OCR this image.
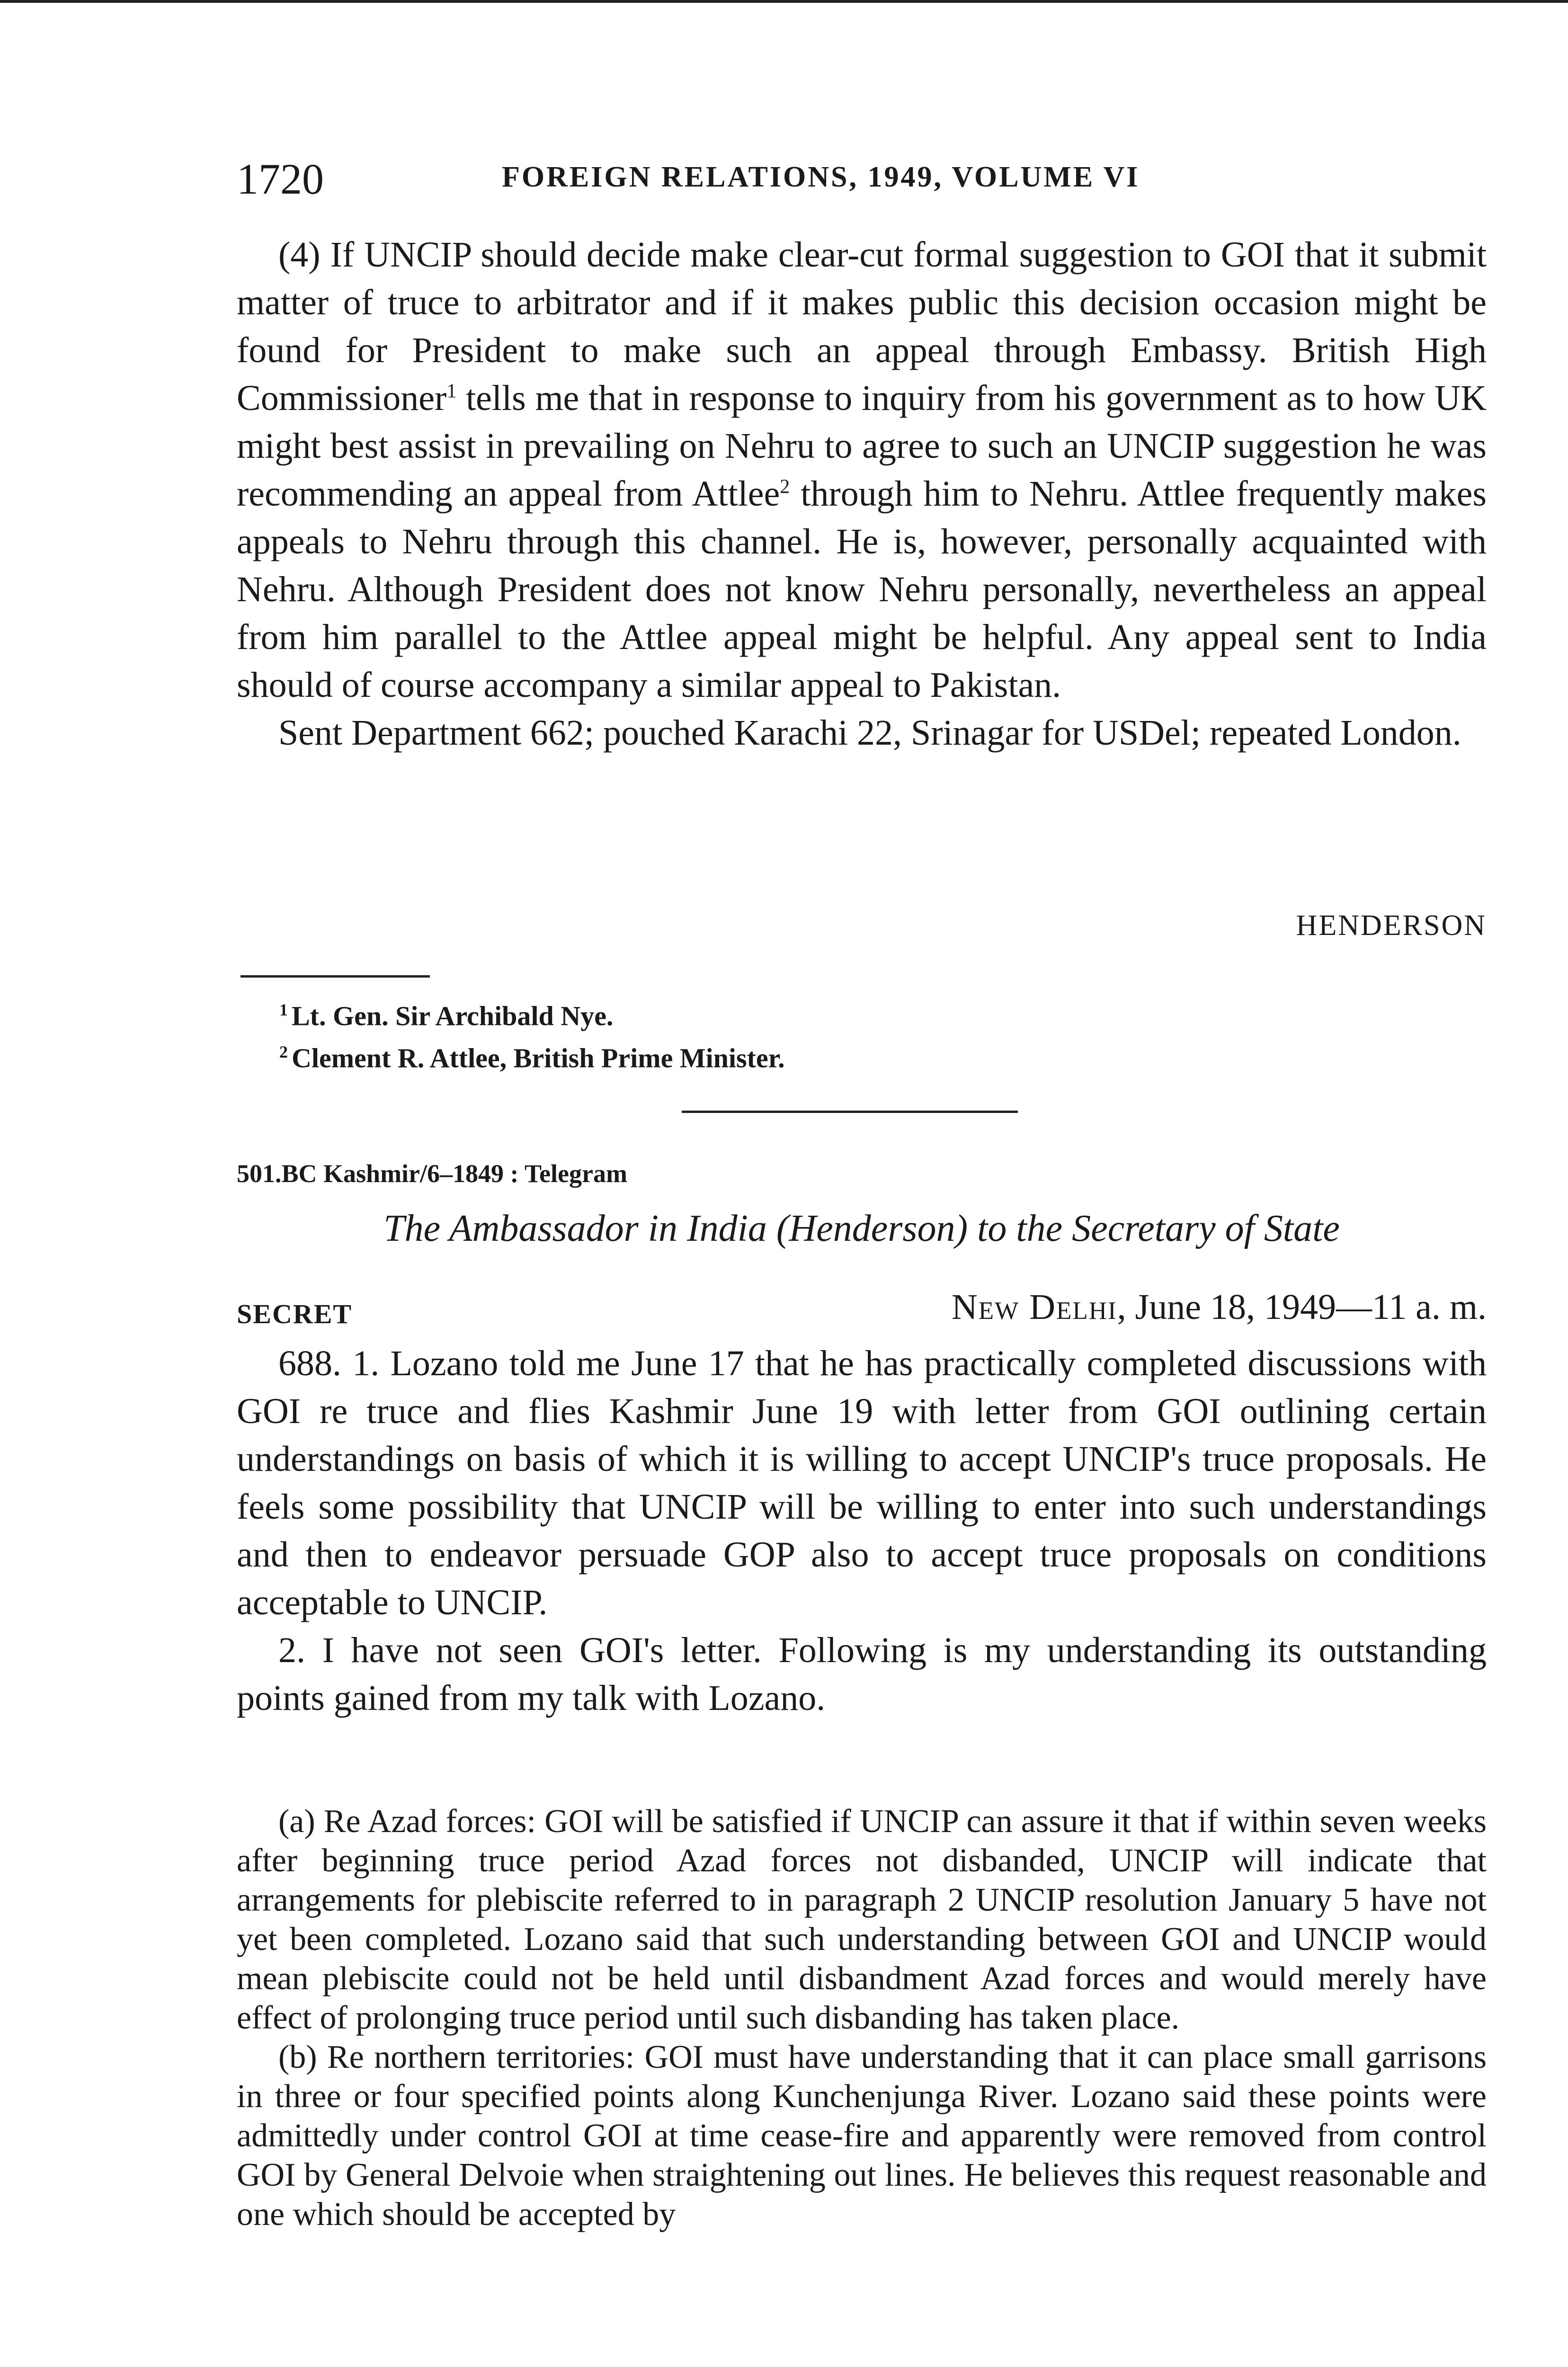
1720	FOREIGN RELATIONS, 1949, VOLUME VI

(4) If UNCIP should decide make clear-cut formal suggestion to GOI that it submit matter of truce to arbitrator and if it makes public this decision occasion might be found for President to make such an appeal through Embassy. British High Commissioner$^1$ tells me that in response to inquiry from his government as to how UK might best assist in prevailing on Nehru to agree to such an UNCIP suggestion he was recommending an appeal from Attlee$^2$ through him to Nehru. Attlee frequently makes appeals to Nehru through this channel. He is, however, personally acquainted with Nehru. Although President does not know Nehru personally, nevertheless an appeal from him parallel to the Attlee appeal might be helpful. Any appeal sent to India should of course accompany a similar appeal to Pakistan.

Sent Department 662; pouched Karachi 22, Srinagar for USDel; repeated London.

HENDERSON
$^1$ Lt. Gen. Sir Archibald Nye.
$^2$ Clement R. Attlee, British Prime Minister.
501.BC Kashmir/6–1849 : Telegram
The Ambassador in India (Henderson) to the Secretary of State
SECRET	New Delhi, June 18, 1949—11 a. m.

688. 1. Lozano told me June 17 that he has practically completed discussions with GOI re truce and flies Kashmir June 19 with letter from GOI outlining certain understandings on basis of which it is willing to accept UNCIP's truce proposals. He feels some possibility that UNCIP will be willing to enter into such understandings and then to endeavor persuade GOP also to accept truce proposals on conditions acceptable to UNCIP.

2. I have not seen GOI's letter. Following is my understanding its outstanding points gained from my talk with Lozano.

(a) Re Azad forces: GOI will be satisfied if UNCIP can assure it that if within seven weeks after beginning truce period Azad forces not disbanded, UNCIP will indicate that arrangements for plebiscite referred to in paragraph 2 UNCIP resolution January 5 have not yet been completed. Lozano said that such understanding between GOI and UNCIP would mean plebiscite could not be held until disbandment Azad forces and would merely have effect of prolonging truce period until such disbanding has taken place.

(b) Re northern territories: GOI must have understanding that it can place small garrisons in three or four specified points along Kunchenjunga River. Lozano said these points were admittedly under control GOI at time cease-fire and apparently were removed from control GOI by General Delvoie when straightening out lines. He believes this request reasonable and one which should be accepted by
